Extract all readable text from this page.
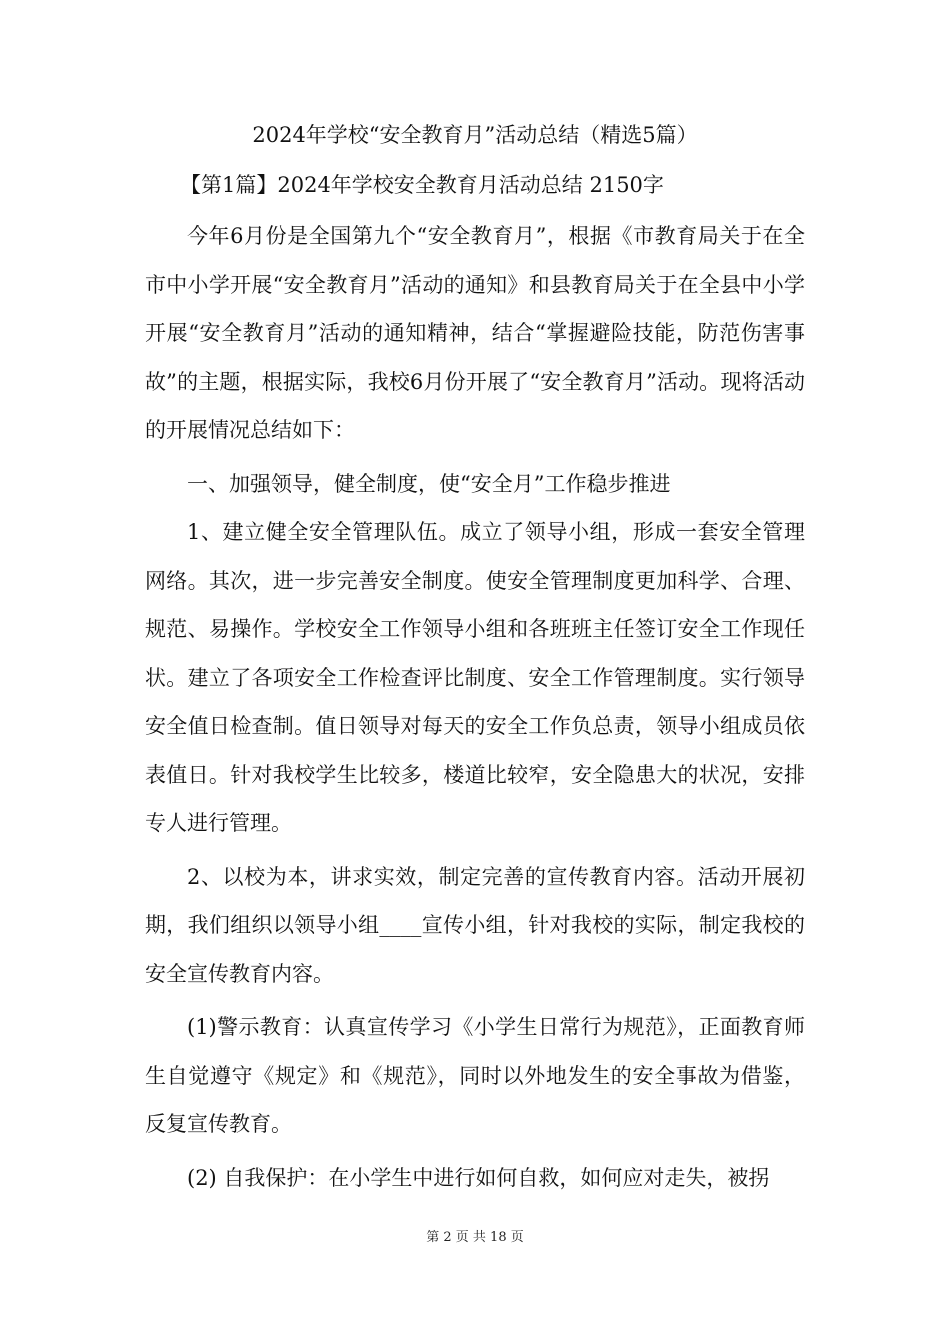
2024年学校“安全教育月”活动总结（精选5篇）
【第1篇】2024年学校安全教育月活动总结 2150字

今年6月份是全国第九个“安全教育月”，根据《市教育局关于在全市中小学开展“安全教育月”活动的通知》和县教育局关于在全县中小学开展“安全教育月”活动的通知精神，结合“掌握避险技能，防范伤害事故”的主题，根据实际，我校6月份开展了“安全教育月”活动。现将活动的开展情况总结如下：

一、加强领导，健全制度，使“安全月”工作稳步推进

1、建立健全安全管理队伍。成立了领导小组，形成一套安全管理网络。其次，进一步完善安全制度。使安全管理制度更加科学、合理、规范、易操作。学校安全工作领导小组和各班班主任签订安全工作现任状。建立了各项安全工作检查评比制度、安全工作管理制度。实行领导安全值日检查制。值日领导对每天的安全工作负总责，领导小组成员依表值日。针对我校学生比较多，楼道比较窄，安全隐患大的状况，安排专人进行管理。

2、以校为本，讲求实效，制定完善的宣传教育内容。活动开展初期，我们组织以领导小组____宣传小组，针对我校的实际，制定我校的安全宣传教育内容。

(1)警示教育：认真宣传学习《小学生日常行为规范》，正面教育师生自觉遵守《规定》和《规范》，同时以外地发生的安全事故为借鉴，反复宣传教育。

(2) 自我保护：在小学生中进行如何自救，如何应对走失，被拐

第 2 页 共 18 页
